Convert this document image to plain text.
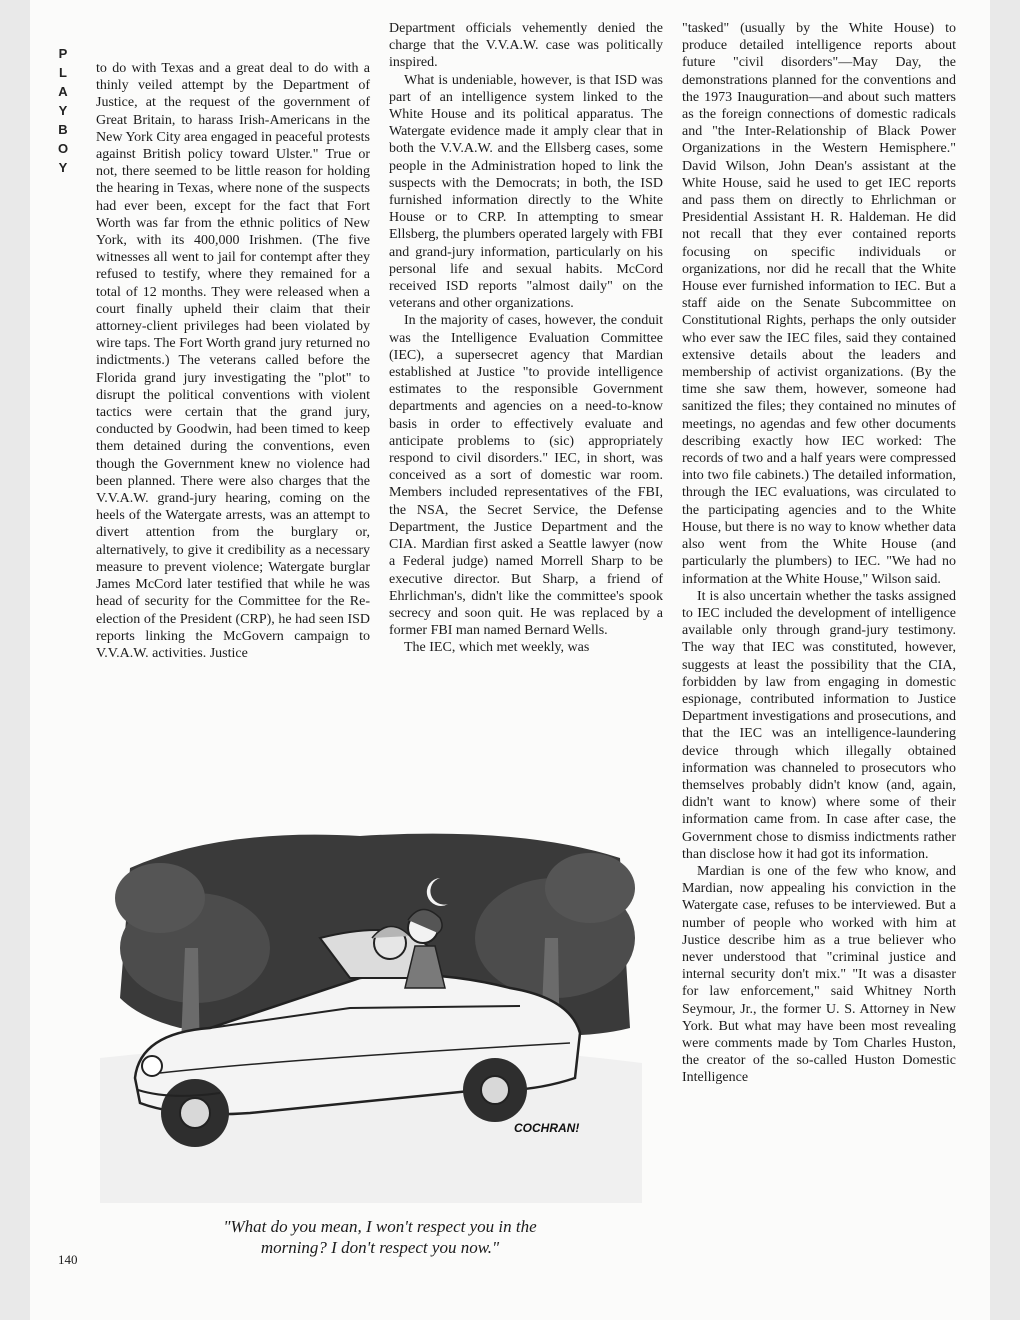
P
L
A
Y
B
O
Y

to do with Texas and a great deal to do with a thinly veiled attempt by the Department of Justice, at the request of the government of Great Britain, to harass Irish-Americans in the New York City area engaged in peaceful protests against British policy toward Ulster." True or not, there seemed to be little reason for holding the hearing in Texas, where none of the suspects had ever been, except for the fact that Fort Worth was far from the ethnic politics of New York, with its 400,000 Irishmen. (The five witnesses all went to jail for contempt after they refused to testify, where they remained for a total of 12 months. They were released when a court finally upheld their claim that their attorney-client privileges had been violated by wire taps. The Fort Worth grand jury returned no indictments.) The veterans called before the Florida grand jury investigating the "plot" to disrupt the political conventions with violent tactics were certain that the grand jury, conducted by Goodwin, had been timed to keep them detained during the conventions, even though the Government knew no violence had been planned. There were also charges that the V.V.A.W. grand-jury hearing, coming on the heels of the Watergate arrests, was an attempt to divert attention from the burglary or, alternatively, to give it credibility as a necessary measure to prevent violence; Watergate burglar James McCord later testified that while he was head of security for the Committee for the Re-election of the President (CRP), he had seen ISD reports linking the McGovern campaign to V.V.A.W. activities. Justice

Department officials vehemently denied the charge that the V.V.A.W. case was politically inspired.

What is undeniable, however, is that ISD was part of an intelligence system linked to the White House and its political apparatus. The Watergate evidence made it amply clear that in both the V.V.A.W. and the Ellsberg cases, some people in the Administration hoped to link the suspects with the Democrats; in both, the ISD furnished information directly to the White House or to CRP. In attempting to smear Ellsberg, the plumbers operated largely with FBI and grand-jury information, particularly on his personal life and sexual habits. McCord received ISD reports "almost daily" on the veterans and other organizations.

In the majority of cases, however, the conduit was the Intelligence Evaluation Committee (IEC), a supersecret agency that Mardian established at Justice "to provide intelligence estimates to the responsible Government departments and agencies on a need-to-know basis in order to effectively evaluate and anticipate problems to (sic) appropriately respond to civil disorders." IEC, in short, was conceived as a sort of domestic war room. Members included representatives of the FBI, the NSA, the Secret Service, the Defense Department, the Justice Department and the CIA. Mardian first asked a Seattle lawyer (now a Federal judge) named Morrell Sharp to be executive director. But Sharp, a friend of Ehrlichman's, didn't like the committee's spook secrecy and soon quit. He was replaced by a former FBI man named Bernard Wells.

The IEC, which met weekly, was

"tasked" (usually by the White House) to produce detailed intelligence reports about future "civil disorders"—May Day, the demonstrations planned for the conventions and the 1973 Inauguration—and about such matters as the foreign connections of domestic radicals and "the Inter-Relationship of Black Power Organizations in the Western Hemisphere." David Wilson, John Dean's assistant at the White House, said he used to get IEC reports and pass them on directly to Ehrlichman or Presidential Assistant H. R. Haldeman. He did not recall that they ever contained reports focusing on specific individuals or organizations, nor did he recall that the White House ever furnished information to IEC. But a staff aide on the Senate Subcommittee on Constitutional Rights, perhaps the only outsider who ever saw the IEC files, said they contained extensive details about the leaders and membership of activist organizations. (By the time she saw them, however, someone had sanitized the files; they contained no minutes of meetings, no agendas and few other documents describing exactly how IEC worked: The records of two and a half years were compressed into two file cabinets.) The detailed information, through the IEC evaluations, was circulated to the participating agencies and to the White House, but there is no way to know whether data also went from the White House (and particularly the plumbers) to IEC. "We had no information at the White House," Wilson said.

It is also uncertain whether the tasks assigned to IEC included the development of intelligence available only through grand-jury testimony. The way that IEC was constituted, however, suggests at least the possibility that the CIA, forbidden by law from engaging in domestic espionage, contributed information to Justice Department investigations and prosecutions, and that the IEC was an intelligence-laundering device through which illegally obtained information was channeled to prosecutors who themselves probably didn't know (and, again, didn't want to know) where some of their information came from. In case after case, the Government chose to dismiss indictments rather than disclose how it had got its information.

Mardian is one of the few who know, and Mardian, now appealing his conviction in the Watergate case, refuses to be interviewed. But a number of people who worked with him at Justice describe him as a true believer who never understood that "criminal justice and internal security don't mix." "It was a disaster for law enforcement," said Whitney North Seymour, Jr., the former U. S. Attorney in New York. But what may have been most revealing were comments made by Tom Charles Huston, the creator of the so-called Huston Domestic Intelligence

COCHRAN!
"What do you mean, I won't respect you in the
morning? I don't respect you now."
140
